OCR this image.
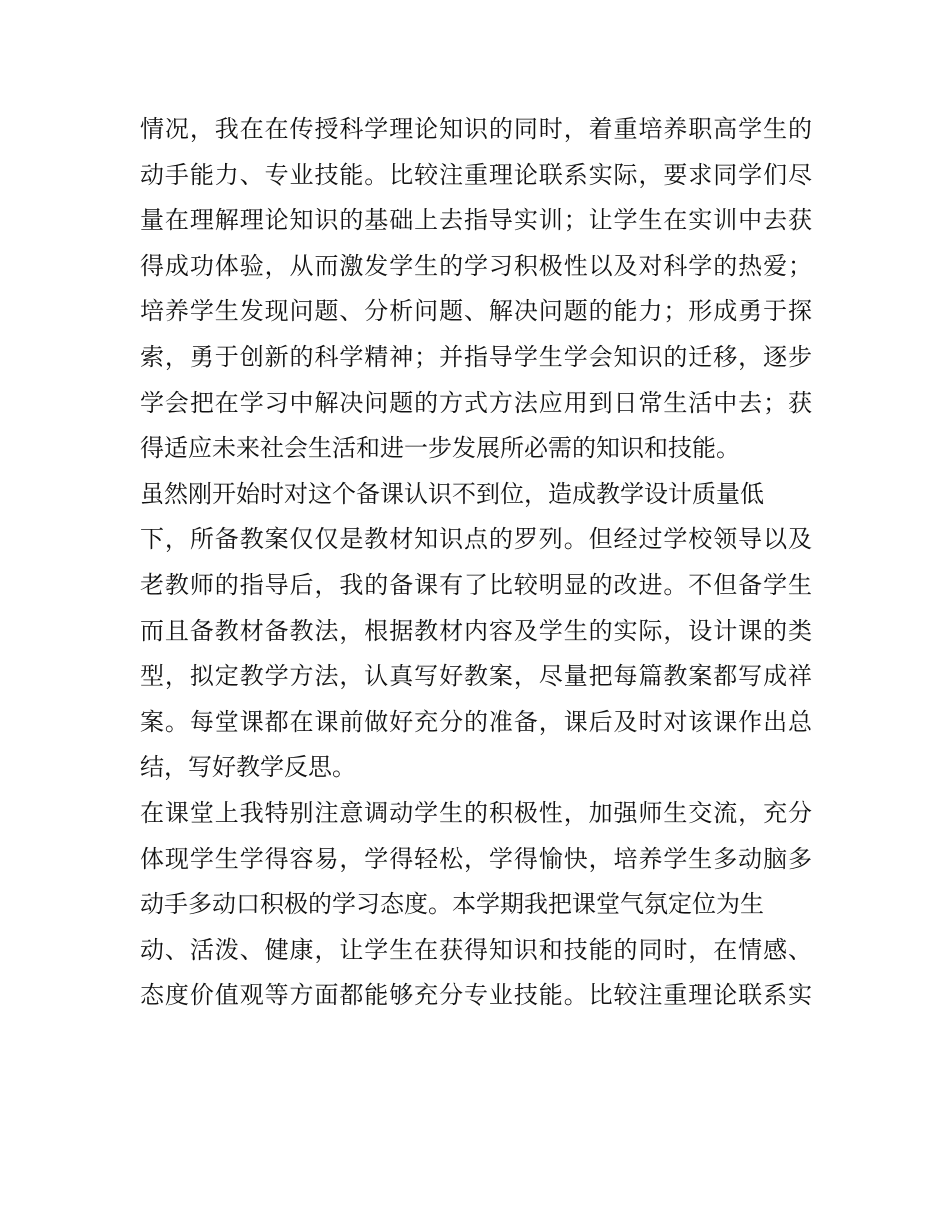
情况，我在在传授科学理论知识的同时，着重培养职高学生的
动手能力、专业技能。比较注重理论联系实际，要求同学们尽
量在理解理论知识的基础上去指导实训；让学生在实训中去获
得成功体验，从而激发学生的学习积极性以及对科学的热爱；
培养学生发现问题、分析问题、解决问题的能力；形成勇于探
索，勇于创新的科学精神；并指导学生学会知识的迁移，逐步
学会把在学习中解决问题的方式方法应用到日常生活中去；获
得适应未来社会生活和进一步发展所必需的知识和技能。
虽然刚开始时对这个备课认识不到位，造成教学设计质量低
下，所备教案仅仅是教材知识点的罗列。但经过学校领导以及
老教师的指导后，我的备课有了比较明显的改进。不但备学生
而且备教材备教法，根据教材内容及学生的实际，设计课的类
型，拟定教学方法，认真写好教案，尽量把每篇教案都写成祥
案。每堂课都在课前做好充分的准备，课后及时对该课作出总
结，写好教学反思。
在课堂上我特别注意调动学生的积极性，加强师生交流，充分
体现学生学得容易，学得轻松，学得愉快，培养学生多动脑多
动手多动口积极的学习态度。本学期我把课堂气氛定位为生
动、活泼、健康，让学生在获得知识和技能的同时，在情感、
态度价值观等方面都能够充分专业技能。比较注重理论联系实
